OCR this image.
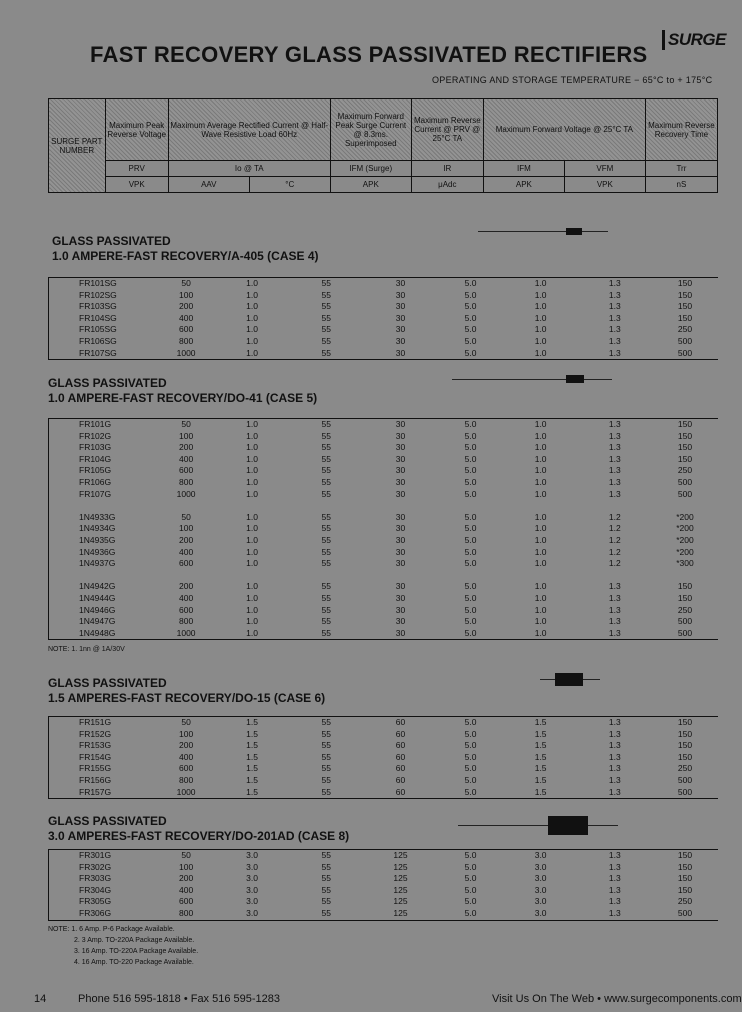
FAST RECOVERY GLASS PASSIVATED RECTIFIERS
SURGE
OPERATING AND STORAGE TEMPERATURE − 65°C to + 175°C
SURGE PART NUMBER	Maximum Peak Reverse Voltage	Maximum Average Rectified Current @ Half-Wave Resistive Load 60Hz		Maximum Forward Peak Surge Current @ 8.3ms. Superimposed	Maximum Reverse Current @ PRV @ 25°C TA	Maximum Forward Voltage @ 25°C TA		Maximum Reverse Recovery Time
	PRV	Io @ TA		IFM (Surge)	IR	IFM	VFM	Trr
	VPK	AAV	°C	APK	μAdc	APK	VPK	nS
GLASS PASSIVATED
1.0 AMPERE-FAST RECOVERY/A-405 (CASE 4)
FR101SG	50	1.0	55	30	5.0	1.0	1.3	150
FR102SG	100	1.0	55	30	5.0	1.0	1.3	150
FR103SG	200	1.0	55	30	5.0	1.0	1.3	150
FR104SG	400	1.0	55	30	5.0	1.0	1.3	150
FR105SG	600	1.0	55	30	5.0	1.0	1.3	250
FR106SG	800	1.0	55	30	5.0	1.0	1.3	500
FR107SG	1000	1.0	55	30	5.0	1.0	1.3	500
GLASS PASSIVATED
1.0 AMPERE-FAST RECOVERY/DO-41 (CASE 5)
FR101G	50	1.0	55	30	5.0	1.0	1.3	150
FR102G	100	1.0	55	30	5.0	1.0	1.3	150
FR103G	200	1.0	55	30	5.0	1.0	1.3	150
FR104G	400	1.0	55	30	5.0	1.0	1.3	150
FR105G	600	1.0	55	30	5.0	1.0	1.3	250
FR106G	800	1.0	55	30	5.0	1.0	1.3	500
FR107G	1000	1.0	55	30	5.0	1.0	1.3	500

1N4933G	50	1.0	55	30	5.0	1.0	1.2	*200
1N4934G	100	1.0	55	30	5.0	1.0	1.2	*200
1N4935G	200	1.0	55	30	5.0	1.0	1.2	*200
1N4936G	400	1.0	55	30	5.0	1.0	1.2	*200
1N4937G	600	1.0	55	30	5.0	1.0	1.2	*300

1N4942G	200	1.0	55	30	5.0	1.0	1.3	150
1N4944G	400	1.0	55	30	5.0	1.0	1.3	150
1N4946G	600	1.0	55	30	5.0	1.0	1.3	250
1N4947G	800	1.0	55	30	5.0	1.0	1.3	500
1N4948G	1000	1.0	55	30	5.0	1.0	1.3	500
NOTE: 1. 1nn @ 1A/30V
GLASS PASSIVATED
1.5 AMPERES-FAST RECOVERY/DO-15 (CASE 6)
FR151G	50	1.5	55	60	5.0	1.5	1.3	150
FR152G	100	1.5	55	60	5.0	1.5	1.3	150
FR153G	200	1.5	55	60	5.0	1.5	1.3	150
FR154G	400	1.5	55	60	5.0	1.5	1.3	150
FR155G	600	1.5	55	60	5.0	1.5	1.3	250
FR156G	800	1.5	55	60	5.0	1.5	1.3	500
FR157G	1000	1.5	55	60	5.0	1.5	1.3	500
GLASS PASSIVATED
3.0 AMPERES-FAST RECOVERY/DO-201AD (CASE 8)
FR301G	50	3.0	55	125	5.0	3.0	1.3	150
FR302G	100	3.0	55	125	5.0	3.0	1.3	150
FR303G	200	3.0	55	125	5.0	3.0	1.3	150
FR304G	400	3.0	55	125	5.0	3.0	1.3	150
FR305G	600	3.0	55	125	5.0	3.0	1.3	250
FR306G	800	3.0	55	125	5.0	3.0	1.3	500
NOTE: 1. 6 Amp. P-6 Package Available.
2. 3 Amp. TO-220A Package Available.
3. 16 Amp. TO-220A Package Available.
4. 16 Amp. TO-220 Package Available.
14	Phone 516 595-1818 • Fax 516 595-1283	Visit Us On The Web • www.surgecomponents.com
